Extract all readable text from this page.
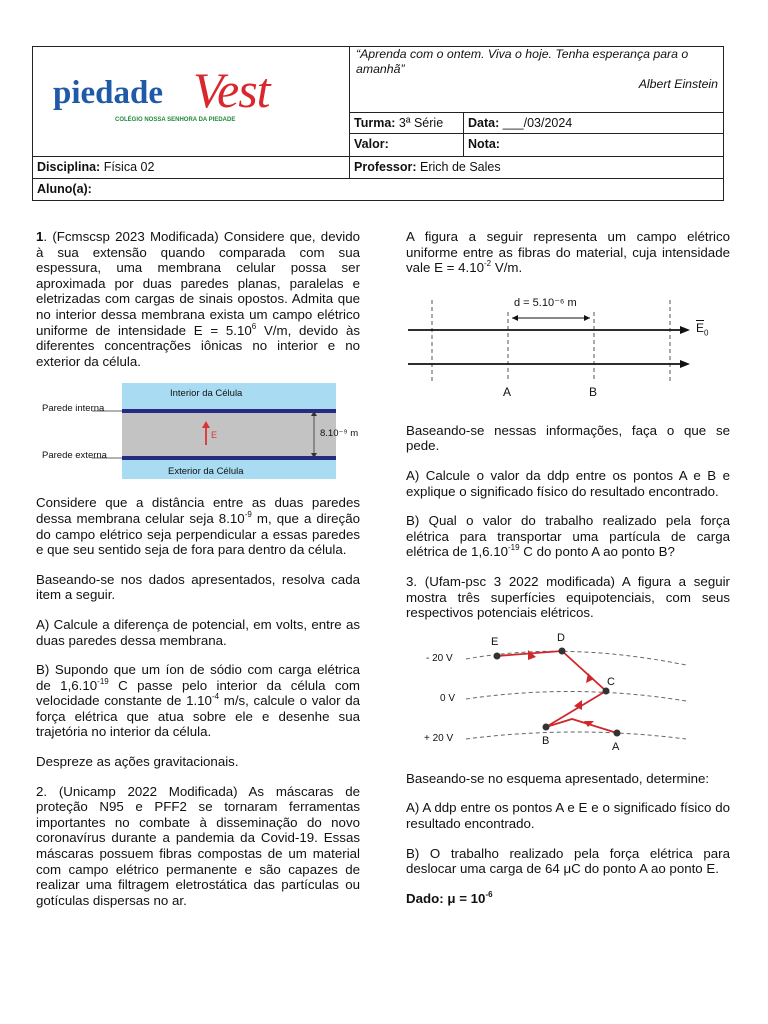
piedade Vest
COLÉGIO NOSSA SENHORA DA PIEDADE
“Aprenda com o ontem. Viva o hoje. Tenha esperança para o amanhã”
Albert Einstein
Turma: 3ª Série	Data: ___/03/2024
Valor:	Nota:
Disciplina: Física 02	Professor: Erich de Sales
Aluno(a):

1. (Fcmscsp 2023 Modificada) Considere que, devido à sua extensão quando comparada com sua espessura, uma membrana celular possa ser aproximada por duas paredes planas, paralelas e eletrizadas com cargas de sinais opostos. Admita que no interior dessa membrana exista um campo elétrico uniforme de intensidade $E = 5.10^6$ V/m, devido às diferentes concentrações iônicas no interior e no exterior da célula.

Interior da Célula
Exterior da Célula
Parede interna
Parede externa
8.10⁻⁹ m
E

Considere que a distância entre as duas paredes dessa membrana celular seja $8.10^{-9}$ m, que a direção do campo elétrico seja perpendicular a essas paredes e que seu sentido seja de fora para dentro da célula.

Baseando-se nos dados apresentados, resolva cada item a seguir.

A) Calcule a diferença de potencial, em volts, entre as duas paredes dessa membrana.

B) Supondo que um íon de sódio com carga elétrica de $1,6.10^{-19}$ C passe pelo interior da célula com velocidade constante de $1.10^{-4}$ m/s, calcule o valor da força elétrica que atua sobre ele e desenhe sua trajetória no interior da célula.

Despreze as ações gravitacionais.

2. (Unicamp 2022 Modificada) As máscaras de proteção N95 e PFF2 se tornaram ferramentas importantes no combate à disseminação do novo coronavírus durante a pandemia da Covid-19. Essas máscaras possuem fibras compostas de um material com campo elétrico permanente e são capazes de realizar uma filtragem eletrostática das partículas ou gotículas dispersas no ar.

A figura a seguir representa um campo elétrico uniforme entre as fibras do material, cuja intensidade vale $E = 4.10^{-2}$ V/m.

d = 5.10⁻⁶ m
$\overline{E}_0$
A	B

Baseando-se nessas informações, faça o que se pede.

A) Calcule o valor da ddp entre os pontos A e B e explique o significado físico do resultado encontrado.

B) Qual o valor do trabalho realizado pela força elétrica para transportar uma partícula de carga elétrica de $1,6.10^{-19}$ C do ponto A ao ponto B?

3. (Ufam-psc 3 2022 modificada) A figura a seguir mostra três superfícies equipotenciais, com seus respectivos potenciais elétricos.

- 20 V
0 V
+ 20 V
E	D
C
B	A

Baseando-se no esquema apresentado, determine:

A) A ddp entre os pontos A e E e o significado físico do resultado encontrado.

B) O trabalho realizado pela força elétrica para deslocar uma carga de 64 μC do ponto A ao ponto E.

Dado: $\mu = 10^{-6}$
